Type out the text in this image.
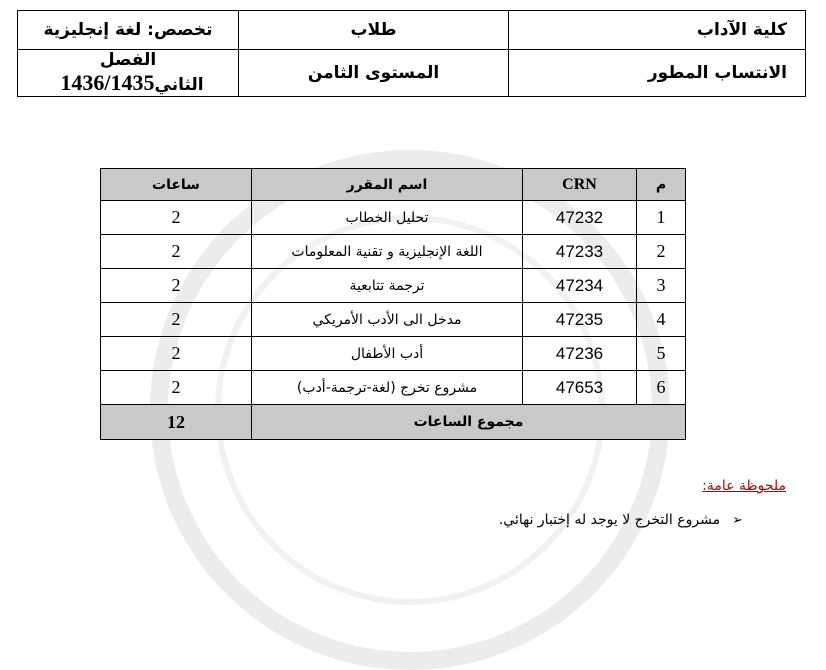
كلية الآداب	طلاب	تخصص: لغة إنجليزية
الانتساب المطور	المستوى الثامن	الفصل الثاني1436/1435
م	CRN	اسم المقرر	ساعات
1	47232	تحليل الخطاب	2
2	47233	اللغة الإنجليزية و تقنية المعلومات	2
3	47234	ترجمة تتابعية	2
4	47235	مدخل الى الأدب الأمريكي	2
5	47236	أدب الأطفال	2
6	47653	مشروع تخرج (لغة-ترجمة-أدب)	2
مجموع الساعات			12
ملحوظة عامة:
➢مشروع التخرج لا يوجد له إختبار نهائي.
